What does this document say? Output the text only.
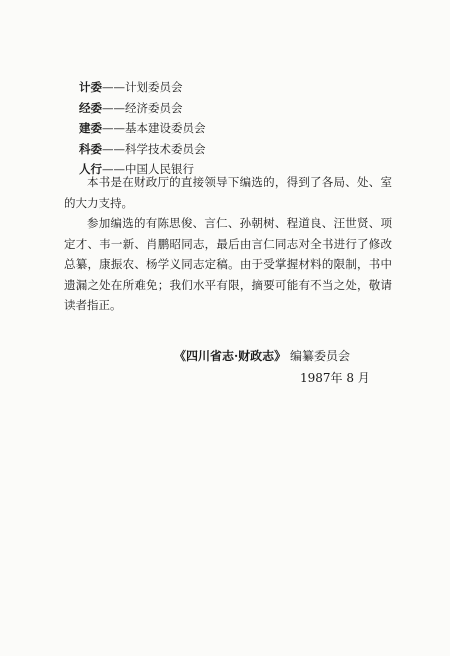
计委——计划委员会
经委——经济委员会
建委——基本建设委员会
科委——科学技术委员会
人行——中国人民银行

本书是在财政厅的直接领导下编选的，得到了各局、处、室的大力支持。

参加编选的有陈思俊、言仁、孙朝树、程道良、汪世贤、项定才、韦一新、肖鹏昭同志，最后由言仁同志对全书进行了修改总纂，康振农、杨学义同志定稿。由于受掌握材料的限制，书中遗漏之处在所难免；我们水平有限，摘要可能有不当之处，敬请读者指正。

《四川省志·财政志》 编纂委员会
1987年 8 月
